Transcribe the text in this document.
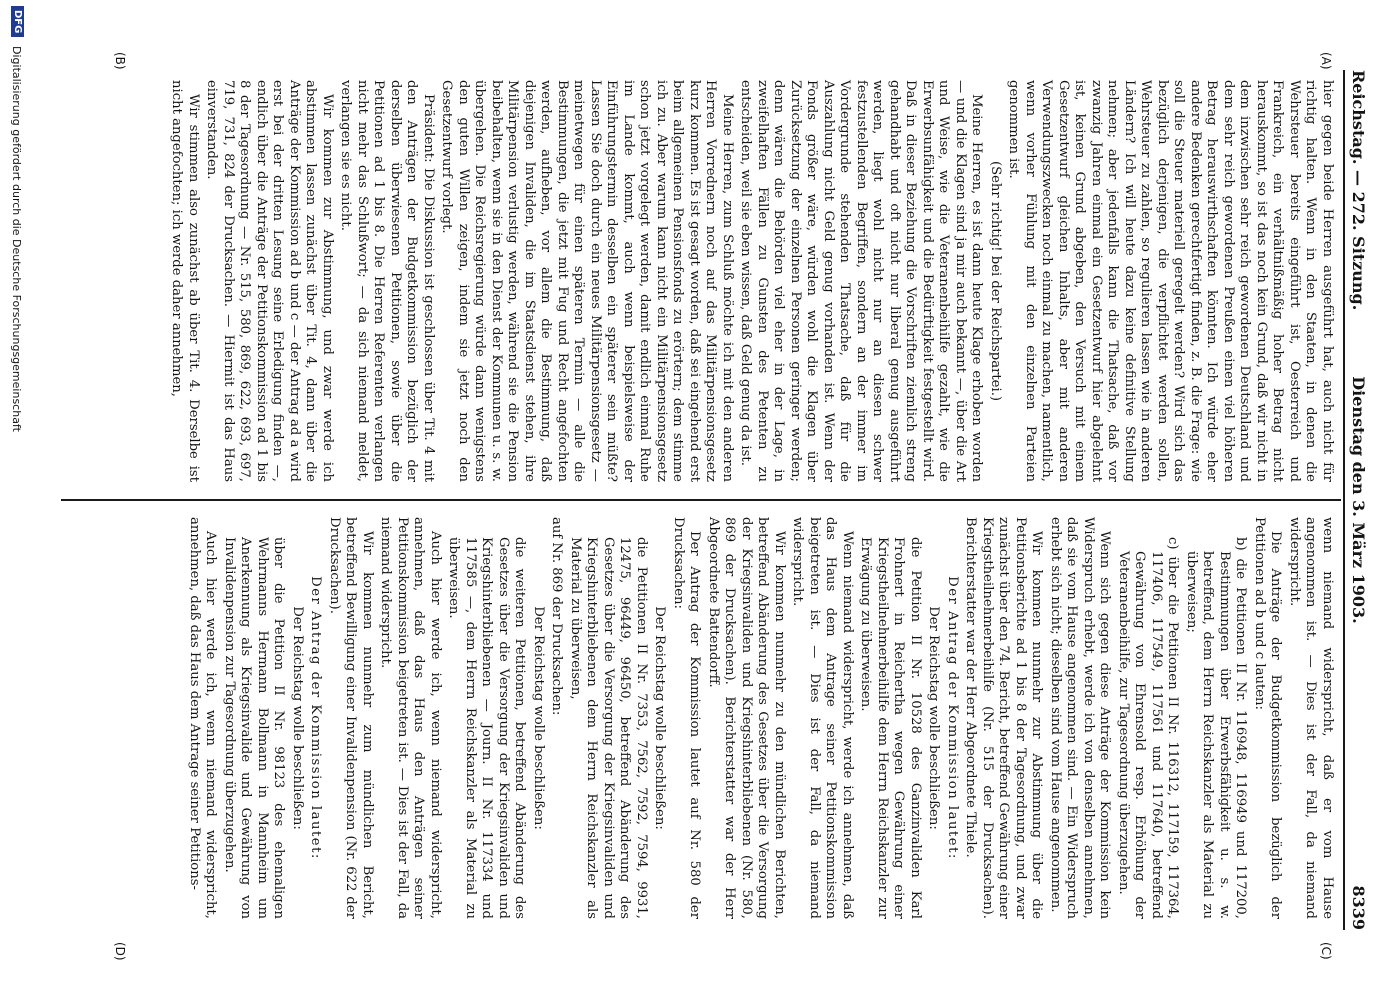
Reichstag. — 272. Sitzung.
Dienstag den 3. März 1903.
8339
(A)
(B)
(C)
(D)

hier gegen beide Herren ausgeführt hat, auch nicht für richtig halten. Wenn in den Staaten, in denen die Wehrsteuer bereits eingeführt ist, Oesterreich und Frankreich, ein verhältnißmäßig hoher Betrag nicht herauskommt, so ist das noch kein Grund, daß wir nicht in dem inzwischen sehr reich gewordenen Deutschland und dem sehr reich gewordenen Preußen einen viel höheren Betrag herauswirthschaften könnten. Ich würde eher andere Bedenken gerechtfertigt finden, z. B. die Frage: wie soll die Steuer materiell geregelt werden? Wird sich das bezüglich derjenigen, die verpflichtet werden sollen, Wehrsteuer zu zahlen, so regulieren lassen wie in anderen Ländern? Ich will heute dazu keine definitive Stellung nehmen; aber jedenfalls kann die Thatsache, daß vor zwanzig Jahren einmal ein Gesetzentwurf hier abgelehnt ist, keinen Grund abgeben, den Versuch mit einem Gesetzentwurf gleichen Inhalts, aber mit anderen Verwendungszwecken noch einmal zu machen, namentlich, wenn vorher Fühlung mit den einzelnen Parteien genommen ist.

(Sehr richtig! bei der Reichspartei.)

Meine Herren, es ist dann heute Klage erhoben worden — und die Klagen sind ja mir auch bekannt —, über die Art und Weise, wie die Veteranenbeihilfe gezahlt, wie die Erwerbsunfähigkeit und die Bedürftigkeit festgestellt wird. Daß in dieser Beziehung die Vorschriften ziemlich streng gehandhabt und oft nicht nur liberal genug ausgeführt werden, liegt wohl nicht nur an diesen schwer festzustellenden Begriffen, sondern an der immer im Vordergrunde stehenden Thatsache, daß für die Auszahlung nicht Geld genug vorhanden ist. Wenn der Fonds größer wäre, würden wohl die Klagen über Zurücksetzung der einzelnen Personen geringer werden; denn wären die Behörden viel eher in der Lage, in zweifelhaften Fällen zu Gunsten des Petenten zu entscheiden, weil sie eben wissen, daß Geld genug da ist.

Meine Herren, zum Schluß möchte ich mit den anderen Herren Vorrednern noch auf das Militärpensionsgesetz kurz kommen. Es ist gesagt worden, daß sei eingehend erst beim allgemeinen Pensionsfonds zu erörtern; dem stimme ich zu. Aber warum kann nicht ein Militärpensionsgesetz schon jetzt vorgelegt werden, damit endlich einmal Ruhe im Lande kommt, auch wenn beispielsweise der Einführungstermin desselben ein späterer sein müßte? Lassen Sie doch durch ein neues Militärpensionsgesetz — meinetwegen für einen späteren Termin — alle die Bestimmungen, die jetzt mit Fug und Recht angefochten werden, aufheben, vor allem die Bestimmung, daß diejenigen Invaliden, die im Staatsdienst stehen, ihre Militärpension verlustig werden, während sie die Pension beibehalten, wenn sie in den Dienst der Kommunen u. s. w. übergehen. Die Reichsregierung würde dann wenigstens den guten Willen zeigen, indem sie jetzt noch den Gesetzentwurf vorlegt.

Präsident: Die Diskussion ist geschlossen über Tit. 4 mit den Anträgen der Budgetkommission bezüglich der derselben überwiesenen Petitionen, sowie über die Petitionen ad 1 bis 8. Die Herren Referenten verlangen nicht mehr das Schlußwort; — da sich niemand meldet, verlangen sie es nicht.

Wir kommen zur Abstimmung, und zwar werde ich abstimmen lassen zunächst über Tit. 4, dann über die Anträge der Kommission ad b und c — der Antrag ad a wird erst bei der dritten Lesung seine Erledigung finden —, endlich über die Anträge der Petitionskommission ad 1 bis 8 der Tagesordnung — Nr. 515, 580, 869, 622, 693, 697, 719, 731, 824 der Drucksachen. — Hiermit ist das Haus einverstanden.

Wir stimmen also zunächst ab über Tit. 4. Derselbe ist nicht angefochten; ich werde daher annehmen,

wenn niemand widerspricht, daß er vom Hause angenommen ist. — Dies ist der Fall, da niemand widerspricht.

Die Anträge der Budgetkommission bezüglich der Petitionen ad b und c lauten:

b) die Petitionen II Nr. 116948, 116949 und 117200, Bestimmungen über Erwerbsfähigkeit u. s. w. betreffend, dem Herrn Reichskanzler als Material zu überweisen;

c) über die Petitionen II Nr. 116312, 117159, 117364, 117406, 117549, 117561 und 117640, betreffend Gewährung von Ehrensold resp. Erhöhung der Veteranenbeihilfe, zur Tagesordnung überzugehen.

Wenn sich gegen diese Anträge der Kommission kein Widerspruch erhebt, werde ich von denselben annehmen, daß sie vom Hause angenommen sind. — Ein Widerspruch erhebt sich nicht; dieselben sind vom Hause angenommen.

Wir kommen nunmehr zur Abstimmung über die Petitionsberichte ad 1 bis 8 der Tagesordnung, und zwar zunächst über den 74. Bericht, betreffend Gewährung einer Kriegstheilnehmerbeihilfe (Nr. 515 der Drucksachen). Berichterstatter war der Herr Abgeordnete Thiele.

Der Antrag der Kommission lautet:

Der Reichstag wolle beschließen:

die Petition II Nr. 10528 des Ganzinvaliden Karl Frohnert in Reichertha wegen Gewährung einer Kriegstheilnehmerbeihilfe dem Herrn Reichskanzler zur Erwägung zu überweisen.

Wenn niemand widerspricht, werde ich annehmen, daß das Haus dem Antrage seiner Petitionskommission beigetreten ist. — Dies ist der Fall, da niemand widerspricht.

Wir kommen nunmehr zu den mündlichen Berichten, betreffend Abänderung des Gesetzes über die Versorgung der Kriegsinvaliden und Kriegshinterbliebenen (Nr. 580, 869 der Drucksachen). Berichterstatter war der Herr Abgeordnete Battendorff.

Der Antrag der Kommission lautet auf Nr. 580 der Drucksachen:

Der Reichstag wolle beschließen:

die Petitionen II Nr. 7353, 7562, 7592, 7594, 9931, 12475, 96449, 96450, betreffend Abänderung des Gesetzes über die Versorgung der Kriegsinvaliden und Kriegshinterbliebenen dem Herrn Reichskanzler als Material zu überweisen,

auf Nr. 869 der Drucksachen:

Der Reichstag wolle beschließen:

die weiteren Petitionen, betreffend Abänderung des Gesetzes über die Versorgung der Kriegsinvaliden und Kriegshinterbliebenen — Journ. II Nr. 117334 und 117585 —, dem Herrn Reichskanzler als Material zu überweisen.

Auch hier werde ich, wenn niemand widerspricht, annehmen, daß das Haus den Anträgen seiner Petitionskommission beigetreten ist. — Dies ist der Fall, da niemand widerspricht.

Wir kommen nunmehr zum mündlichen Bericht, betreffend Bewilligung einer Invalidenpension (Nr. 622 der Drucksachen).

Der Antrag der Kommission lautet:

Der Reichstag wolle beschließen:

über die Petition II Nr. 98123 des ehemaligen Wehrmanns Hermann Bollmann in Mannheim um Anerkennung als Kriegsinvalide und Gewährung von Invalidenpension zur Tagesordnung überzugehen.

Auch hier werde ich, wenn niemand widerspricht, annehmen, daß das Haus dem Antrage seiner Petitions-

DFG
Digitalisierung gefördert durch die Deutsche Forschungsgemeinschaft
